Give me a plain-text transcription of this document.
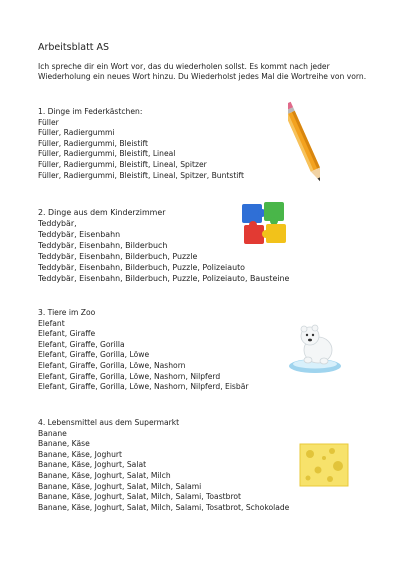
Arbeitsblatt AS
Ich spreche dir ein Wort vor, das du wiederholen sollst. Es kommt nach jeder Wiederholung ein neues Wort hinzu. Du Wiederholst jedes Mal die Wortreihe von vorn.
1. Dinge im Federkästchen:
Füller
Füller, Radiergummi
Füller, Radiergummi, Bleistift
Füller, Radiergummi, Bleistift, Lineal
Füller, Radiergummi, Bleistift, Lineal, Spitzer
Füller, Radiergummi, Bleistift, Lineal, Spitzer, Buntstift
2. Dinge aus dem Kinderzimmer
Teddybär,
Teddybär, Eisenbahn
Teddybär, Eisenbahn, Bilderbuch
Teddybär, Eisenbahn, Bilderbuch, Puzzle
Teddybär, Eisenbahn, Bilderbuch, Puzzle, Polizeiauto
Teddybär, Eisenbahn, Bilderbuch, Puzzle, Polizeiauto, Bausteine
3. Tiere im Zoo
Elefant
Elefant, Giraffe
Elefant, Giraffe, Gorilla
Elefant, Giraffe, Gorilla, Löwe
Elefant, Giraffe, Gorilla, Löwe, Nashorn
Elefant, Giraffe, Gorilla, Löwe, Nashorn, Nilpferd
Elefant, Giraffe, Gorilla, Löwe, Nashorn, Nilpferd, Eisbär
4. Lebensmittel aus dem Supermarkt
Banane
Banane, Käse
Banane, Käse, Joghurt
Banane, Käse, Joghurt, Salat
Banane, Käse, Joghurt, Salat, Milch
Banane, Käse, Joghurt, Salat, Milch, Salami
Banane, Käse, Joghurt, Salat, Milch, Salami, Toastbrot
Banane, Käse, Joghurt, Salat, Milch, Salami, Tosatbrot, Schokolade
